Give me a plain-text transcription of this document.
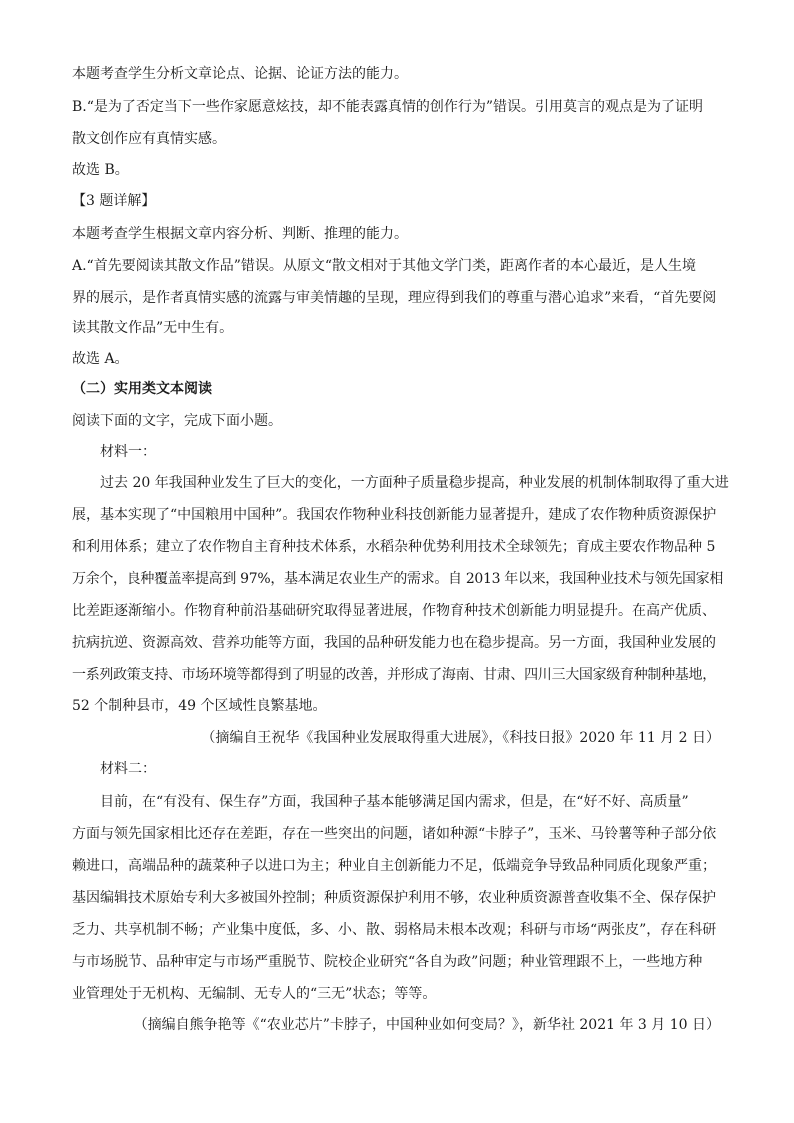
本题考查学生分析文章论点、论据、论证方法的能力。
B.“是为了否定当下一些作家愿意炫技，却不能表露真情的创作行为”错误。引用莫言的观点是为了证明
散文创作应有真情实感。
故选 B。
【3 题详解】
本题考查学生根据文章内容分析、判断、推理的能力。
A.“首先要阅读其散文作品”错误。从原文“散文相对于其他文学门类，距离作者的本心最近，是人生境
界的展示，是作者真情实感的流露与审美情趣的呈现，理应得到我们的尊重与潜心追求”来看，“首先要阅
读其散文作品”无中生有。
故选 A。
（二）实用类文本阅读
阅读下面的文字，完成下面小题。
材料一：
过去 20 年我国种业发生了巨大的变化，一方面种子质量稳步提高，种业发展的机制体制取得了重大进
展，基本实现了“中国粮用中国种”。我国农作物种业科技创新能力显著提升，建成了农作物种质资源保护
和利用体系；建立了农作物自主育种技术体系，水稻杂种优势利用技术全球领先；育成主要农作物品种 5
万余个，良种覆盖率提高到 97%，基本满足农业生产的需求。自 2013 年以来，我国种业技术与领先国家相
比差距逐渐缩小。作物育种前沿基础研究取得显著进展，作物育种技术创新能力明显提升。在高产优质、
抗病抗逆、资源高效、营养功能等方面，我国的品种研发能力也在稳步提高。另一方面，我国种业发展的
一系列政策支持、市场环境等都得到了明显的改善，并形成了海南、甘肃、四川三大国家级育种制种基地，
52 个制种县市，49 个区域性良繁基地。
（摘编自王祝华《我国种业发展取得重大进展》，《科技日报》2020 年 11 月 2 日）
材料二：
目前，在“有没有、保生存”方面，我国种子基本能够满足国内需求，但是，在“好不好、高质量”
方面与领先国家相比还存在差距，存在一些突出的问题，诸如种源“卡脖子”，玉米、马铃薯等种子部分依
赖进口，高端品种的蔬菜种子以进口为主；种业自主创新能力不足，低端竞争导致品种同质化现象严重；
基因编辑技术原始专利大多被国外控制；种质资源保护利用不够，农业种质资源普查收集不全、保存保护
乏力、共享机制不畅；产业集中度低，多、小、散、弱格局未根本改观；科研与市场“两张皮”，存在科研
与市场脱节、品种审定与市场严重脱节、院校企业研究“各自为政”问题；种业管理跟不上，一些地方种
业管理处于无机构、无编制、无专人的“三无”状态；等等。
（摘编自熊争艳等《“农业芯片”卡脖子，中国种业如何变局？》，新华社 2021 年 3 月 10 日）
